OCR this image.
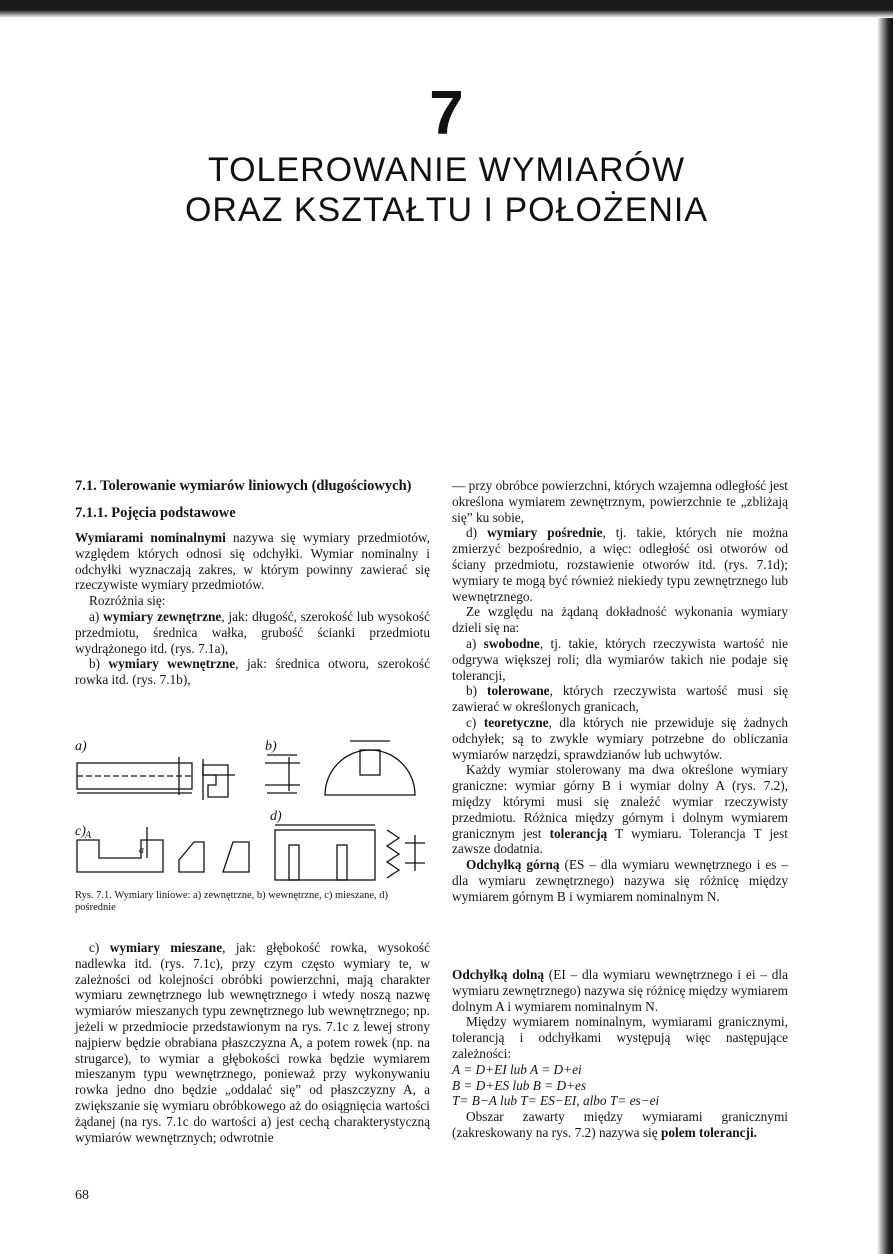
7
TOLEROWANIE WYMIARÓW
ORAZ KSZTAŁTU I POŁOŻENIA

7.1. Tolerowanie wymiarów liniowych (długościowych)

7.1.1. Pojęcia podstawowe

Wymiarami nominalnymi nazywa się wymiary przedmiotów, względem których odnosi się odchyłki. Wymiar nominalny i odchyłki wyznaczają zakres, w którym powinny zawierać się rzeczywiste wymiary przedmiotów.

Rozróżnia się:

a) wymiary zewnętrzne, jak: długość, szerokość lub wysokość przedmiotu, średnica wałka, grubość ścianki przedmiotu wydrążonego itd. (rys. 7.1a),

b) wymiary wewnętrzne, jak: średnica otworu, szerokość rowka itd. (rys. 7.1b),

a)	b)
c) A
a
d)
Rys. 7.1. Wymiary liniowe: a) zewnętrzne, b) wewnętrzne, c) mieszane, d) pośrednie

c) wymiary mieszane, jak: głębokość rowka, wysokość nadlewka itd. (rys. 7.1c), przy czym często wymiary te, w zależności od kolejności obróbki powierzchni, mają charakter wymiaru zewnętrznego lub wewnętrznego i wtedy noszą nazwę wymiarów mieszanych typu zewnętrznego lub wewnętrznego; np. jeżeli w przedmiocie przedstawionym na rys. 7.1c z lewej strony najpierw będzie obrabiana płaszczyzna A, a potem rowek (np. na strugarce), to wymiar a głębokości rowka będzie wymiarem mieszanym typu wewnętrznego, ponieważ przy wykonywaniu rowka jedno dno będzie „oddalać się” od płaszczyzny A, a zwiększanie się wymiaru obróbkowego aż do osiągnięcia wartości żądanej (na rys. 7.1c do wartości a) jest cechą charakterystyczną wymiarów wewnętrznych; odwrotnie

— przy obróbce powierzchni, których wzajemna odległość jest określona wymiarem zewnętrznym, powierzchnie te „zbliżają się” ku sobie,

d) wymiary pośrednie, tj. takie, których nie można zmierzyć bezpośrednio, a więc: odległość osi otworów od ściany przedmiotu, rozstawienie otworów itd. (rys. 7.1d); wymiary te mogą być również niekiedy typu zewnętrznego lub wewnętrznego.

Ze względu na żądaną dokładność wykonania wymiary dzieli się na:

a) swobodne, tj. takie, których rzeczywista wartość nie odgrywa większej roli; dla wymiarów takich nie podaje się tolerancji,

b) tolerowane, których rzeczywista wartość musi się zawierać w określonych granicach,

c) teoretyczne, dla których nie przewiduje się żadnych odchyłek; są to zwykle wymiary potrzebne do obliczania wymiarów narzędzi, sprawdzianów lub uchwytów.

Każdy wymiar stolerowany ma dwa określone wymiary graniczne: wymiar górny B i wymiar dolny A (rys. 7.2), między którymi musi się znaleźć wymiar rzeczywisty przedmiotu. Różnica między górnym i dolnym wymiarem granicznym jest tolerancją T wymiaru. Tolerancja T jest zawsze dodatnia.

Odchyłką górną (ES – dla wymiaru wewnętrznego i es – dla wymiaru zewnętrznego) nazywa się różnicę między wymiarem górnym B i wymiarem nominalnym N.

Odchyłką dolną (EI – dla wymiaru wewnętrznego i ei – dla wymiaru zewnętrznego) nazywa się różnicę między wymiarem dolnym A i wymiarem nominalnym N.

Między wymiarem nominalnym, wymiarami granicznymi, tolerancją i odchyłkami występują więc następujące zależności:

A = D+EI lub A = D+ei

B = D+ES lub B = D+es

T= B−A lub T= ES−EI, albo T= es−ei

Obszar zawarty między wymiarami granicznymi (zakreskowany na rys. 7.2) nazywa się polem tolerancji.

68
